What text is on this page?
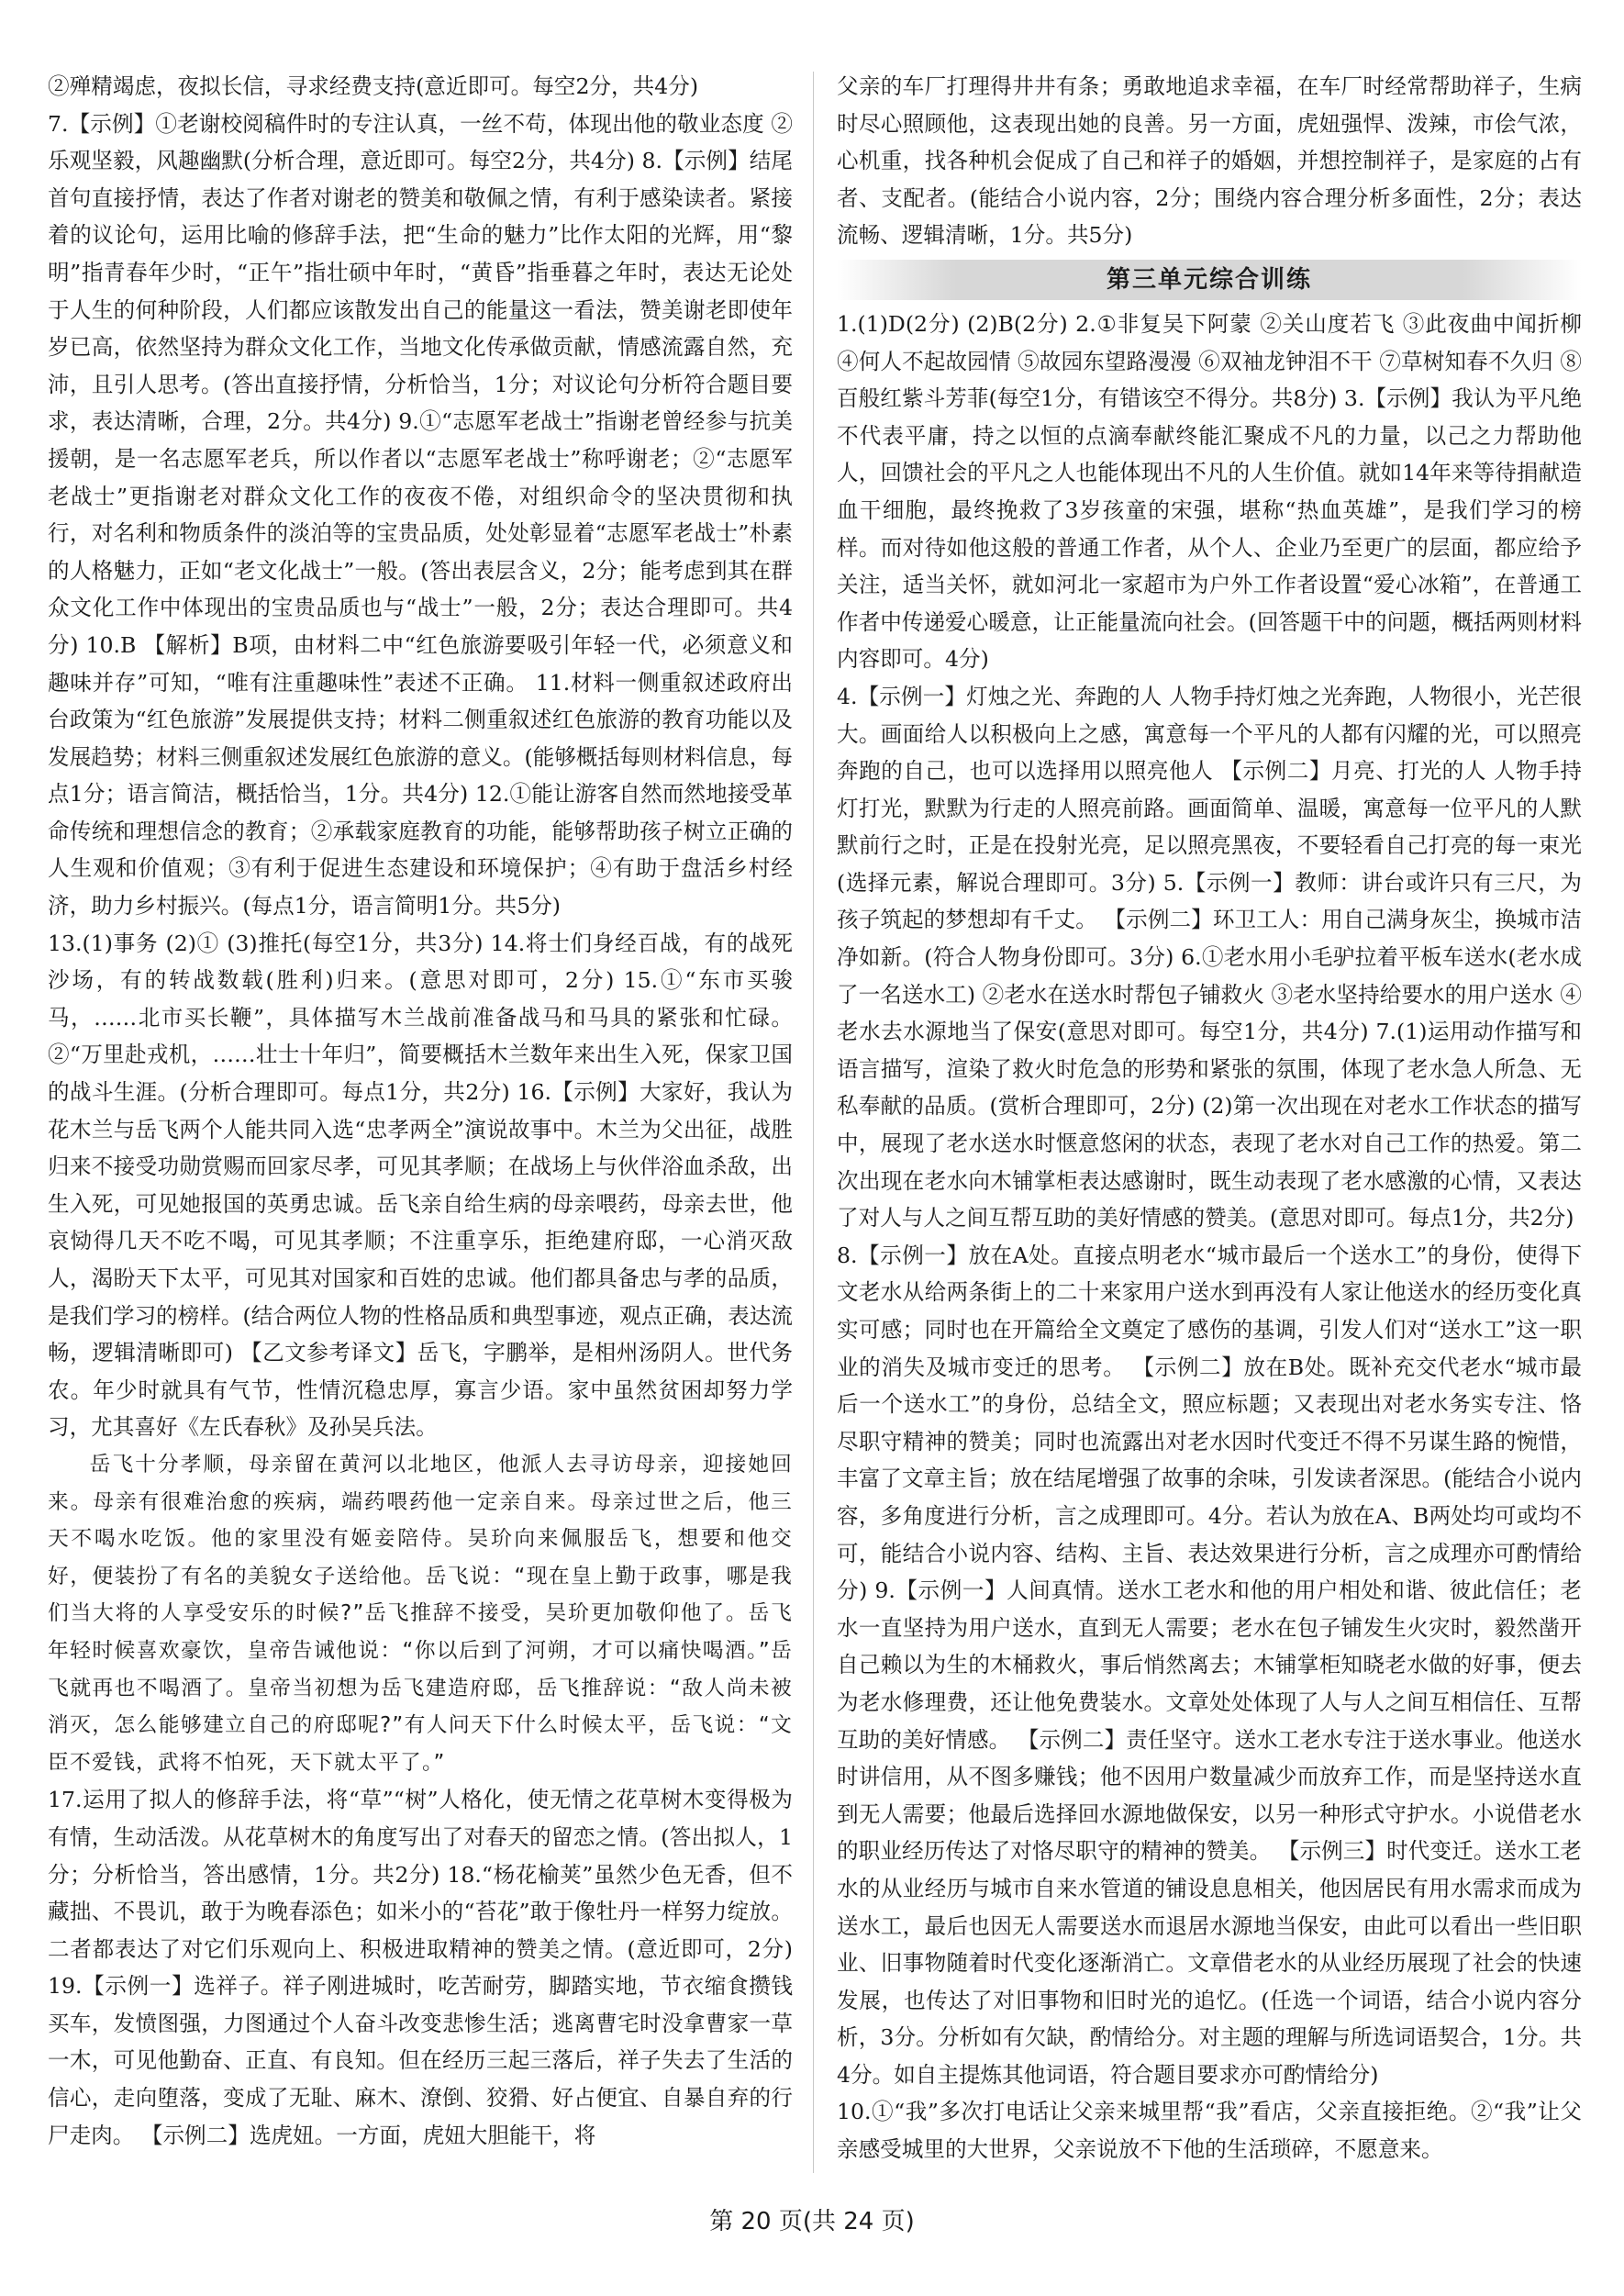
②殚精竭虑，夜拟长信，寻求经费支持(意近即可。每空2分，共4分)

7.【示例】①老谢校阅稿件时的专注认真，一丝不苟，体现出他的敬业态度 ②乐观坚毅，风趣幽默(分析合理，意近即可。每空2分，共4分) 8.【示例】结尾首句直接抒情，表达了作者对谢老的赞美和敬佩之情，有利于感染读者。紧接着的议论句，运用比喻的修辞手法，把“生命的魅力”比作太阳的光辉，用“黎明”指青春年少时，“正午”指壮硕中年时，“黄昏”指垂暮之年时，表达无论处于人生的何种阶段，人们都应该散发出自己的能量这一看法，赞美谢老即使年岁已高，依然坚持为群众文化工作，当地文化传承做贡献，情感流露自然，充沛，且引人思考。(答出直接抒情，分析恰当，1分；对议论句分析符合题目要求，表达清晰，合理，2分。共4分) 9.①“志愿军老战士”指谢老曾经参与抗美援朝，是一名志愿军老兵，所以作者以“志愿军老战士”称呼谢老；②“志愿军老战士”更指谢老对群众文化工作的夜夜不倦，对组织命令的坚决贯彻和执行，对名利和物质条件的淡泊等的宝贵品质，处处彰显着“志愿军老战士”朴素的人格魅力，正如“老文化战士”一般。(答出表层含义，2分；能考虑到其在群众文化工作中体现出的宝贵品质也与“战士”一般，2分；表达合理即可。共4分) 10.B 【解析】B项，由材料二中“红色旅游要吸引年轻一代，必须意义和趣味并存”可知，“唯有注重趣味性”表述不正确。 11.材料一侧重叙述政府出台政策为“红色旅游”发展提供支持；材料二侧重叙述红色旅游的教育功能以及发展趋势；材料三侧重叙述发展红色旅游的意义。(能够概括每则材料信息，每点1分；语言简洁，概括恰当，1分。共4分) 12.①能让游客自然而然地接受革命传统和理想信念的教育；②承载家庭教育的功能，能够帮助孩子树立正确的人生观和价值观；③有利于促进生态建设和环境保护；④有助于盘活乡村经济，助力乡村振兴。(每点1分，语言简明1分。共5分)

13.(1)事务 (2)① (3)推托(每空1分，共3分) 14.将士们身经百战，有的战死沙场，有的转战数载(胜利)归来。(意思对即可，2分) 15.①“东市买骏马，……北市买长鞭”，具体描写木兰战前准备战马和马具的紧张和忙碌。 ②“万里赴戎机，……壮士十年归”，简要概括木兰数年来出生入死，保家卫国的战斗生涯。(分析合理即可。每点1分，共2分) 16.【示例】大家好，我认为花木兰与岳飞两个人能共同入选“忠孝两全”演说故事中。木兰为父出征，战胜归来不接受功勋赏赐而回家尽孝，可见其孝顺；在战场上与伙伴浴血杀敌，出生入死，可见她报国的英勇忠诚。岳飞亲自给生病的母亲喂药，母亲去世，他哀恸得几天不吃不喝，可见其孝顺；不注重享乐，拒绝建府邸，一心消灭敌人，渴盼天下太平，可见其对国家和百姓的忠诚。他们都具备忠与孝的品质，是我们学习的榜样。(结合两位人物的性格品质和典型事迹，观点正确，表达流畅，逻辑清晰即可) 【乙文参考译文】岳飞，字鹏举，是相州汤阴人。世代务农。年少时就具有气节，性情沉稳忠厚，寡言少语。家中虽然贫困却努力学习，尤其喜好《左氏春秋》及孙吴兵法。

岳飞十分孝顺，母亲留在黄河以北地区，他派人去寻访母亲，迎接她回来。母亲有很难治愈的疾病，端药喂药他一定亲自来。母亲过世之后，他三天不喝水吃饭。他的家里没有姬妾陪侍。吴玠向来佩服岳飞，想要和他交好，便装扮了有名的美貌女子送给他。岳飞说：“现在皇上勤于政事，哪是我们当大将的人享受安乐的时候?”岳飞推辞不接受，吴玠更加敬仰他了。岳飞年轻时候喜欢豪饮，皇帝告诫他说：“你以后到了河朔，才可以痛快喝酒。”岳飞就再也不喝酒了。皇帝当初想为岳飞建造府邸，岳飞推辞说：“敌人尚未被消灭，怎么能够建立自己的府邸呢?”有人问天下什么时候太平，岳飞说：“文臣不爱钱，武将不怕死，天下就太平了。”

17.运用了拟人的修辞手法，将“草”“树”人格化，使无情之花草树木变得极为有情，生动活泼。从花草树木的角度写出了对春天的留恋之情。(答出拟人，1分；分析恰当，答出感情，1分。共2分) 18.“杨花榆荚”虽然少色无香，但不藏拙、不畏讥，敢于为晚春添色；如米小的“苔花”敢于像牡丹一样努力绽放。二者都表达了对它们乐观向上、积极进取精神的赞美之情。(意近即可，2分) 19.【示例一】选祥子。祥子刚进城时，吃苦耐劳，脚踏实地，节衣缩食攒钱买车，发愤图强，力图通过个人奋斗改变悲惨生活；逃离曹宅时没拿曹家一草一木，可见他勤奋、正直、有良知。但在经历三起三落后，祥子失去了生活的信心，走向堕落，变成了无耻、麻木、潦倒、狡猾、好占便宜、自暴自弃的行尸走肉。 【示例二】选虎妞。一方面，虎妞大胆能干，将

父亲的车厂打理得井井有条；勇敢地追求幸福，在车厂时经常帮助祥子，生病时尽心照顾他，这表现出她的良善。另一方面，虎妞强悍、泼辣，市侩气浓，心机重，找各种机会促成了自己和祥子的婚姻，并想控制祥子，是家庭的占有者、支配者。(能结合小说内容，2分；围绕内容合理分析多面性，2分；表达流畅、逻辑清晰，1分。共5分)

第三单元综合训练

1.(1)D(2分) (2)B(2分) 2.①非复吴下阿蒙 ②关山度若飞 ③此夜曲中闻折柳 ④何人不起故园情 ⑤故园东望路漫漫 ⑥双袖龙钟泪不干 ⑦草树知春不久归 ⑧百般红紫斗芳菲(每空1分，有错该空不得分。共8分) 3.【示例】我认为平凡绝不代表平庸，持之以恒的点滴奉献终能汇聚成不凡的力量，以己之力帮助他人，回馈社会的平凡之人也能体现出不凡的人生价值。就如14年来等待捐献造血干细胞，最终挽救了3岁孩童的宋强，堪称“热血英雄”，是我们学习的榜样。而对待如他这般的普通工作者，从个人、企业乃至更广的层面，都应给予关注，适当关怀，就如河北一家超市为户外工作者设置“爱心冰箱”，在普通工作者中传递爱心暖意，让正能量流向社会。(回答题干中的问题，概括两则材料内容即可。4分)

4.【示例一】灯烛之光、奔跑的人 人物手持灯烛之光奔跑，人物很小，光芒很大。画面给人以积极向上之感，寓意每一个平凡的人都有闪耀的光，可以照亮奔跑的自己，也可以选择用以照亮他人 【示例二】月亮、打光的人 人物手持灯打光，默默为行走的人照亮前路。画面简单、温暖，寓意每一位平凡的人默默前行之时，正是在投射光亮，足以照亮黑夜，不要轻看自己打亮的每一束光(选择元素，解说合理即可。3分) 5.【示例一】教师：讲台或许只有三尺，为孩子筑起的梦想却有千丈。 【示例二】环卫工人：用自己满身灰尘，换城市洁净如新。(符合人物身份即可。3分) 6.①老水用小毛驴拉着平板车送水(老水成了一名送水工) ②老水在送水时帮包子铺救火 ③老水坚持给要水的用户送水 ④老水去水源地当了保安(意思对即可。每空1分，共4分) 7.(1)运用动作描写和语言描写，渲染了救火时危急的形势和紧张的氛围，体现了老水急人所急、无私奉献的品质。(赏析合理即可，2分) (2)第一次出现在对老水工作状态的描写中，展现了老水送水时惬意悠闲的状态，表现了老水对自己工作的热爱。第二次出现在老水向木铺掌柜表达感谢时，既生动表现了老水感激的心情，又表达了对人与人之间互帮互助的美好情感的赞美。(意思对即可。每点1分，共2分)

8.【示例一】放在A处。直接点明老水“城市最后一个送水工”的身份，使得下文老水从给两条街上的二十来家用户送水到再没有人家让他送水的经历变化真实可感；同时也在开篇给全文奠定了感伤的基调，引发人们对“送水工”这一职业的消失及城市变迁的思考。 【示例二】放在B处。既补充交代老水“城市最后一个送水工”的身份，总结全文，照应标题；又表现出对老水务实专注、恪尽职守精神的赞美；同时也流露出对老水因时代变迁不得不另谋生路的惋惜，丰富了文章主旨；放在结尾增强了故事的余味，引发读者深思。(能结合小说内容，多角度进行分析，言之成理即可。4分。若认为放在A、B两处均可或均不可，能结合小说内容、结构、主旨、表达效果进行分析，言之成理亦可酌情给分) 9.【示例一】人间真情。送水工老水和他的用户相处和谐、彼此信任；老水一直坚持为用户送水，直到无人需要；老水在包子铺发生火灾时，毅然凿开自己赖以为生的木桶救火，事后悄然离去；木铺掌柜知晓老水做的好事，便去为老水修理费，还让他免费装水。文章处处体现了人与人之间互相信任、互帮互助的美好情感。 【示例二】责任坚守。送水工老水专注于送水事业。他送水时讲信用，从不图多赚钱；他不因用户数量减少而放弃工作，而是坚持送水直到无人需要；他最后选择回水源地做保安，以另一种形式守护水。小说借老水的职业经历传达了对恪尽职守的精神的赞美。 【示例三】时代变迁。送水工老水的从业经历与城市自来水管道的铺设息息相关，他因居民有用水需求而成为送水工，最后也因无人需要送水而退居水源地当保安，由此可以看出一些旧职业、旧事物随着时代变化逐渐消亡。文章借老水的从业经历展现了社会的快速发展，也传达了对旧事物和旧时光的追忆。(任选一个词语，结合小说内容分析，3分。分析如有欠缺，酌情给分。对主题的理解与所选词语契合，1分。共4分。如自主提炼其他词语，符合题目要求亦可酌情给分)

10.①“我”多次打电话让父亲来城里帮“我”看店，父亲直接拒绝。②“我”让父亲感受城里的大世界，父亲说放不下他的生活琐碎，不愿意来。

第 20 页(共 24 页)
